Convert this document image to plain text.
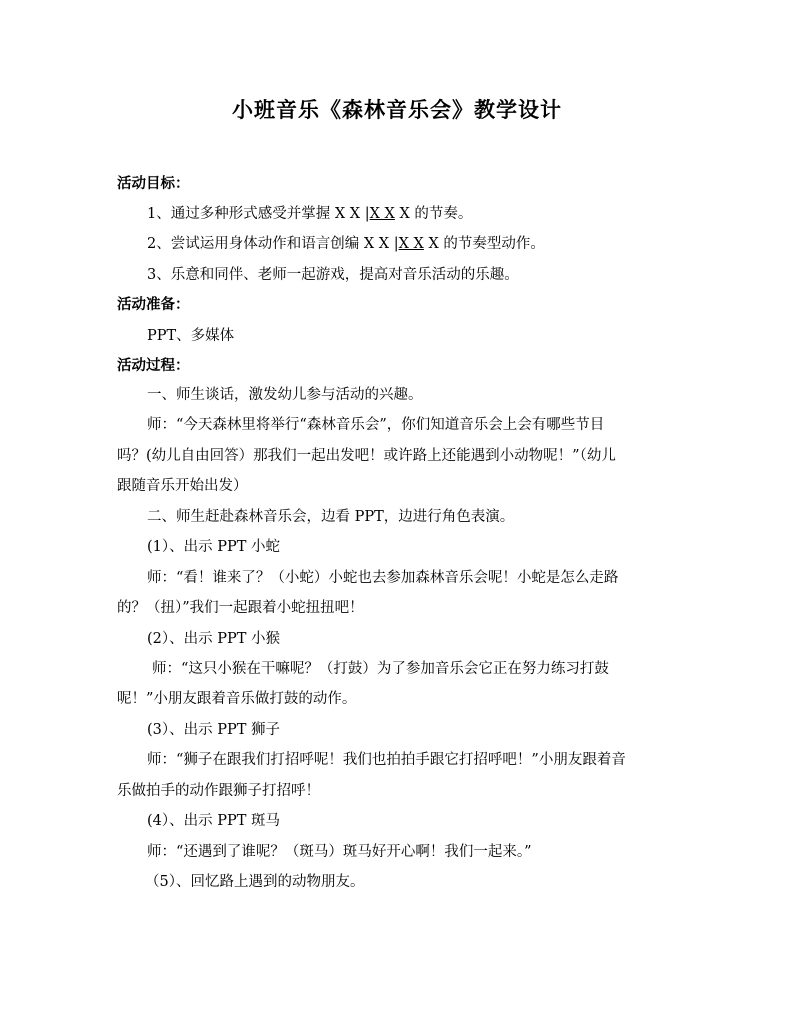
小班音乐《森林音乐会》教学设计
活动目标：
1、通过多种形式感受并掌握 X X |X X X 的节奏。
2、尝试运用身体动作和语言创编 X X |X X X 的节奏型动作。
3、乐意和同伴、老师一起游戏，提高对音乐活动的乐趣。
活动准备：
PPT、多媒体
活动过程：
一、师生谈话，激发幼儿参与活动的兴趣。
师：“今天森林里将举行“森林音乐会”，你们知道音乐会上会有哪些节目
吗？(幼儿自由回答）那我们一起出发吧！或许路上还能遇到小动物呢！”（幼儿
跟随音乐开始出发）
二、师生赶赴森林音乐会，边看 PPT，边进行角色表演。
(1）、出示 PPT 小蛇
师：“看！谁来了？（小蛇）小蛇也去参加森林音乐会呢！小蛇是怎么走路
的？（扭）”我们一起跟着小蛇扭扭吧！
(2）、出示 PPT 小猴
师：“这只小猴在干嘛呢？（打鼓）为了参加音乐会它正在努力练习打鼓
呢！”小朋友跟着音乐做打鼓的动作。
(3）、出示 PPT 狮子
师：“狮子在跟我们打招呼呢！我们也拍拍手跟它打招呼吧！”小朋友跟着音
乐做拍手的动作跟狮子打招呼！
(4）、出示 PPT 斑马
师：“还遇到了谁呢？（斑马）斑马好开心啊！我们一起来。”
（5）、回忆路上遇到的动物朋友。
